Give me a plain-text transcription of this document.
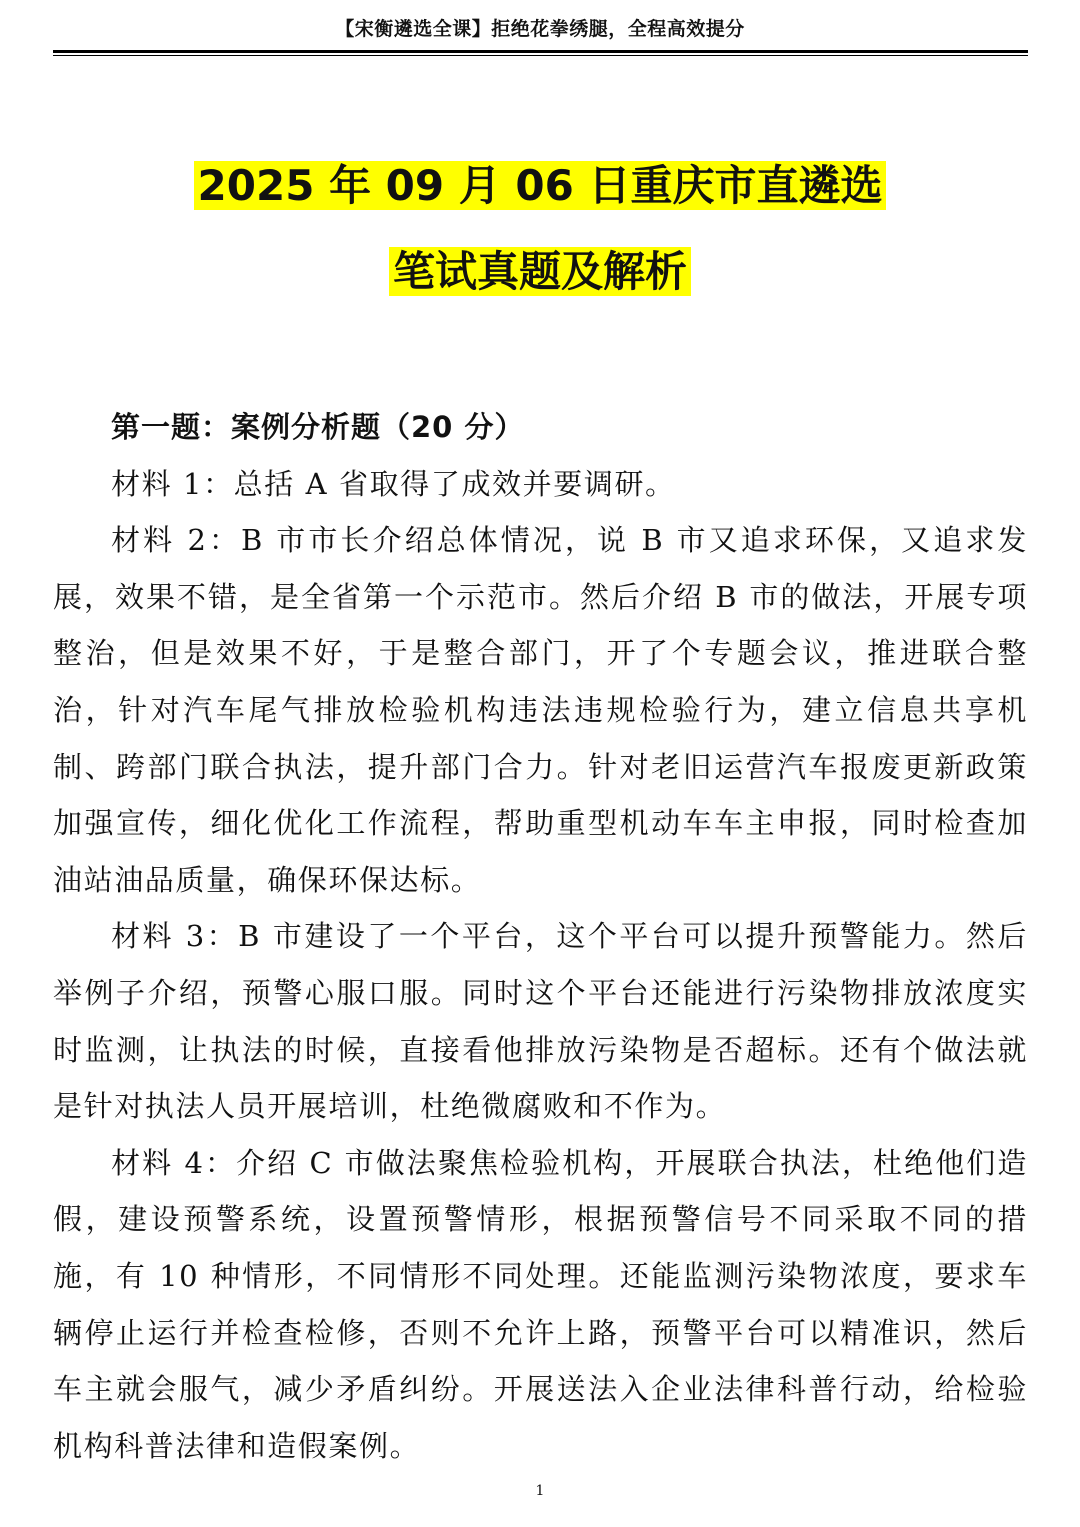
【宋衡遴选全课】拒绝花拳绣腿，全程高效提分
2025 年 09 月 06 日重庆市直遴选
笔试真题及解析

第一题：案例分析题（20 分）

材料 1：总括 A 省取得了成效并要调研。

材料 2：B 市市长介绍总体情况，说 B 市又追求环保，又追求发展，效果不错，是全省第一个示范市。然后介绍 B 市的做法，开展专项整治，但是效果不好，于是整合部门，开了个专题会议，推进联合整治，针对汽车尾气排放检验机构违法违规检验行为，建立信息共享机制、跨部门联合执法，提升部门合力。针对老旧运营汽车报废更新政策加强宣传，细化优化工作流程，帮助重型机动车车主申报，同时检查加油站油品质量，确保环保达标。

材料 3：B 市建设了一个平台，这个平台可以提升预警能力。然后举例子介绍，预警心服口服。同时这个平台还能进行污染物排放浓度实时监测，让执法的时候，直接看他排放污染物是否超标。还有个做法就是针对执法人员开展培训，杜绝微腐败和不作为。

材料 4：介绍 C 市做法聚焦检验机构，开展联合执法，杜绝他们造假，建设预警系统，设置预警情形，根据预警信号不同采取不同的措施，有 10 种情形，不同情形不同处理。还能监测污染物浓度，要求车辆停止运行并检查检修，否则不允许上路，预警平台可以精准识，然后车主就会服气，减少矛盾纠纷。开展送法入企业法律科普行动，给检验机构科普法律和造假案例。

1
